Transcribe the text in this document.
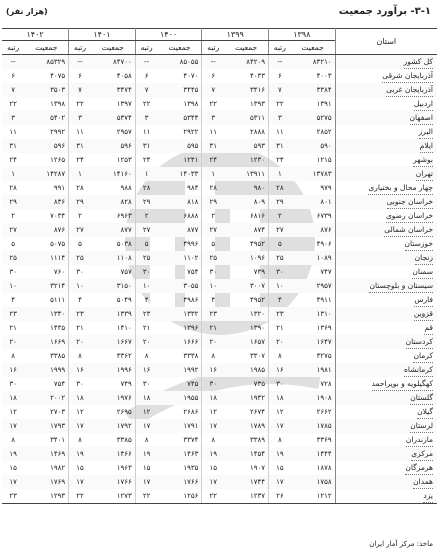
۳-۱- برآورد جمعیت
(هزار نفر)
استان	۱۳۹۸		۱۳۹۹		۱۴۰۰		۱۴۰۱		۱۴۰۲	
	جمعیت	رتبه	جمعیت	رتبه	جمعیت	رتبه	جمعیت	رتبه	جمعیت	رتبه
کل کشور	۸۳۲۱۰	--	۸۴۲۰۹	--	۸۵۰۵۵	--	۸۴۷۰۰	--	۸۵۳۲۹	--
آذربایجان شرقی	۴۰۰۳	۶	۴۰۳۳	۶	۴۰۷۰	۶	۴۰۵۸	۶	۴۰۷۵	۶
آذربایجان غربی	۳۳۸۴	۷	۳۴۱۶	۷	۳۴۴۵	۷	۳۴۷۴	۷	۳۵۰۳	۷
اردبیل	۱۳۹۱	۲۲	۱۳۹۳	۲۲	۱۳۹۸	۲۲	۱۳۹۷	۲۲	۱۳۹۸	۲۲
اصفهان	۵۲۷۵	۳	۵۳۱۱	۳	۵۳۴۴	۳	۵۳۷۴	۳	۵۴۰۲	۳
البرز	۲۸۵۲	۱۱	۲۸۸۸	۱۱	۲۹۲۲	۱۱	۲۹۵۷	۱۱	۲۹۹۲	۱۱
ایلام	۵۹۰	۳۱	۵۹۳	۳۱	۵۹۵	۳۱	۵۹۶	۳۱	۵۹۶	۳۱
بوشهر	۱۲۱۵	۲۴	۱۲۳۰	۲۴	۱۲۴۱	۲۴	۱۲۵۳	۲۴	۱۲۶۵	۲۴
تهران	۱۳۷۸۳	۱	۱۳۹۱۱	۱	۱۴۰۳۳	۱	۱۴۱۶۰	۱	۱۴۲۸۷	۱
چهار محال و بختیاری	۹۷۹	۲۸	۹۸۰	۲۸	۹۸۴	۲۸	۹۸۸	۲۸	۹۹۱	۲۸
خراسان جنوبی	۸۰۱	۲۹	۸۰۹	۲۹	۸۱۸	۲۹	۸۲۸	۲۹	۸۳۶	۲۹
خراسان رضوی	۶۷۳۹	۲	۶۸۱۶	۲	۶۸۸۸	۲	۶۹۶۳	۲	۷۰۳۴	۲
خراسان شمالی	۸۷۶	۲۷	۸۷۴	۲۷	۸۷۷	۲۷	۸۷۷	۲۷	۸۷۶	۲۷
خوزستان	۴۹۰۶	۵	۴۹۵۲	۵	۴۹۹۶	۵	۵۰۳۸	۵	۵۰۷۵	۵
زنجان	۱۰۸۹	۲۵	۱۰۹۶	۲۵	۱۱۰۲	۲۵	۱۱۰۸	۲۵	۱۱۱۴	۲۵
سمنان	۷۴۷	۳۰	۷۴۹	۳۰	۷۵۴	۳۰	۷۵۷	۳۰	۷۶۰	۳۰
سیستان و بلوچستان	۲۹۵۷	۱۰	۳۰۰۷	۱۰	۳۰۵۵	۱۰	۳۱۵۰	۱۰	۳۲۱۴	۱۰
فارس	۴۹۱۱	۴	۴۹۵۲	۴	۴۹۸۶	۴	۵۰۴۹	۴	۵۱۱۱	۴
قزوین	۱۳۱۰	۲۳	۱۳۲۰	۲۳	۱۳۳۲	۲۳	۱۳۳۹	۲۳	۱۳۴۰	۲۳
قم	۱۳۶۹	۲۱	۱۳۹۰	۲۱	۱۳۹۶	۲۱	۱۴۱۰	۲۱	۱۴۳۵	۲۱
کردستان	۱۶۴۷	۲۰	۱۶۵۷	۲۰	۱۶۶۶	۲۰	۱۶۶۷	۲۰	۱۶۶۹	۲۰
کرمان	۳۲۷۵	۸	۳۳۰۷	۸	۳۳۳۸	۸	۳۳۶۲	۸	۳۳۸۵	۸
کرمانشاه	۱۹۸۱	۱۶	۱۹۸۵	۱۶	۱۹۹۲	۱۶	۱۹۹۶	۱۶	۱۹۹۹	۱۶
کهگیلویه و بویراحمد	۷۲۸	۳۰	۷۳۵	۳۰	۷۴۵	۳۰	۷۴۹	۳۰	۷۵۴	۳۰
گلستان	۱۹۰۸	۱۸	۱۹۳۲	۱۸	۱۹۵۵	۱۸	۱۹۷۶	۱۸	۲۰۰۲	۱۸
گیلان	۲۶۶۲	۱۲	۲۶۷۴	۱۲	۲۶۸۶	۱۲	۲۶۹۵	۱۲	۲۷۰۳	۱۲
لرستان	۱۷۸۵	۱۷	۱۷۸۹	۱۷	۱۷۹۱	۱۷	۱۷۹۲	۱۷	۱۷۹۳	۱۷
مازندران	۳۳۶۹	۸	۳۳۸۹	۸	۳۳۷۴	۸	۳۳۸۵	۸	۳۴۰۱	۸
مرکزی	۱۴۴۴	۱۹	۱۴۵۴	۱۹	۱۴۶۳	۱۹	۱۴۶۶	۱۹	۱۴۶۹	۱۹
هرمزگان	۱۸۷۸	۱۵	۱۹۰۷	۱۵	۱۹۳۵	۱۵	۱۹۶۳	۱۵	۱۹۸۲	۱۵
همدان	۱۷۵۸	۱۷	۱۷۴۴	۱۷	۱۷۶۶	۱۷	۱۷۶۶	۱۷	۱۷۶۹	۱۷
یزد	۱۲۱۲	۲۶	۱۲۳۷	۲۲	۱۲۵۶	۲۲	۱۲۷۳	۲۲	۱۲۹۳	۲۳
ماخذ: مرکز آمار ایران
